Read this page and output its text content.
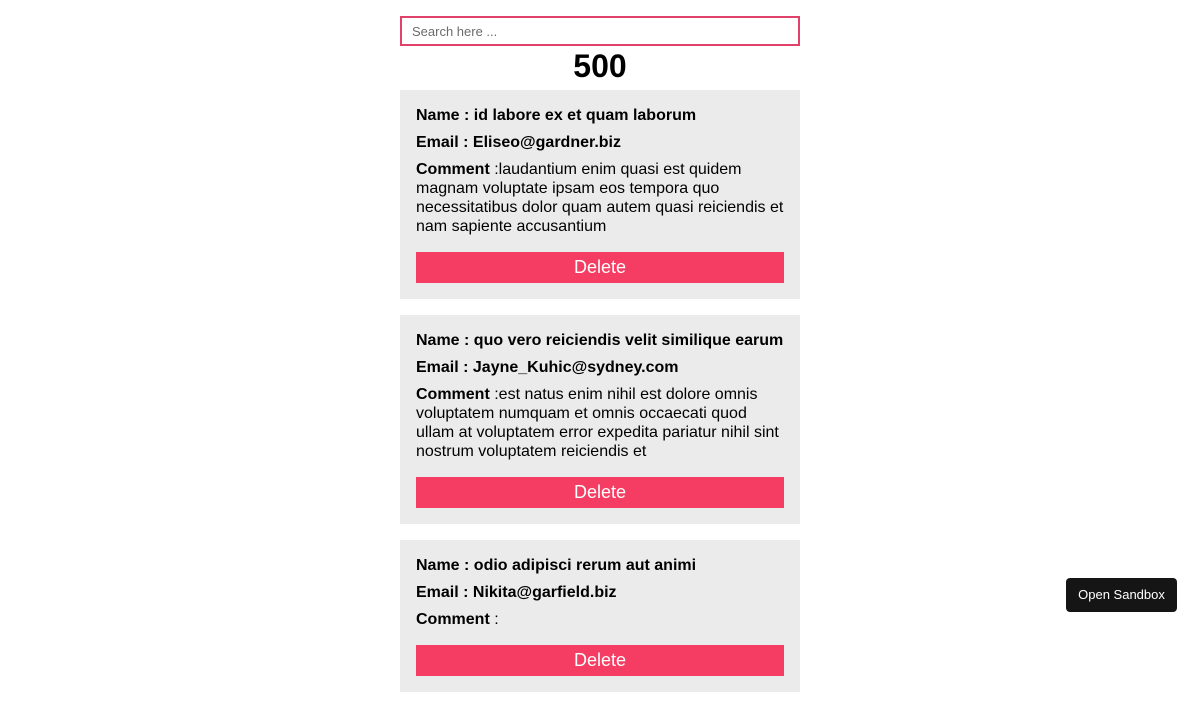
Search here ...
500
Name : id labore ex et quam laborum
Email : Eliseo@gardner.biz
Comment :laudantium enim quasi est quidem magnam voluptate ipsam eos tempora quo necessitatibus dolor quam autem quasi reiciendis et nam sapiente accusantium
Delete
Name : quo vero reiciendis velit similique earum
Email : Jayne_Kuhic@sydney.com
Comment :est natus enim nihil est dolore omnis voluptatem numquam et omnis occaecati quod ullam at voluptatem error expedita pariatur nihil sint nostrum voluptatem reiciendis et
Delete
Name : odio adipisci rerum aut animi
Email : Nikita@garfield.biz
Comment :
Delete
Open Sandbox
